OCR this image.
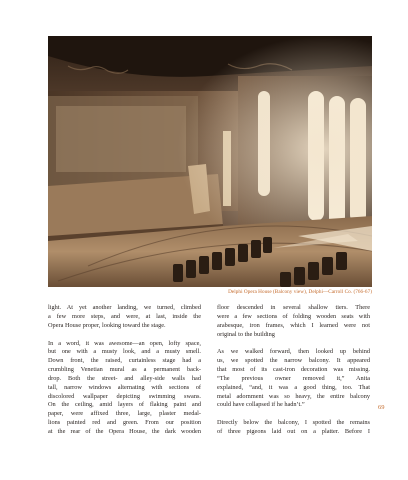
Delphi Opera House (Balcony view), Delphi—Carroll Co. (766-67)

light. At yet another landing, we turned, climbed
a few more steps, and were, at last, inside the
Opera House proper, looking toward the stage.

In a word, it was awesome—an open, lofty space,
but one with a musty look, and a musty smell.
Down front, the raised, curtainless stage had a
crumbling Venetian mural as a permanent back-
drop. Both the street- and alley-side walls had
tall, narrow windows alternating with sections of
discolored wallpaper depicting swimming swans.
On the ceiling, amid layers of flaking paint and
paper, were affixed three, large, plaster medal-
lions painted red and green. From our position
at the rear of the Opera House, the dark wooden

floor descended in several shallow tiers. There
were a few sections of folding wooden seats with
arabesque, iron frames, which I learned were not
original to the building

As we walked forward, then looked up behind
us, we spotted the narrow balcony. It appeared
that most of its cast-iron decoration was missing.
“The previous owner removed it,” Anita
explained, “and, it was a good thing, too. That
metal adornment was so heavy, the entire balcony
could have collapsed if he hadn’t.”

Directly below the balcony, I spotted the remains
of three pigeons laid out on a platter. Before I

69
